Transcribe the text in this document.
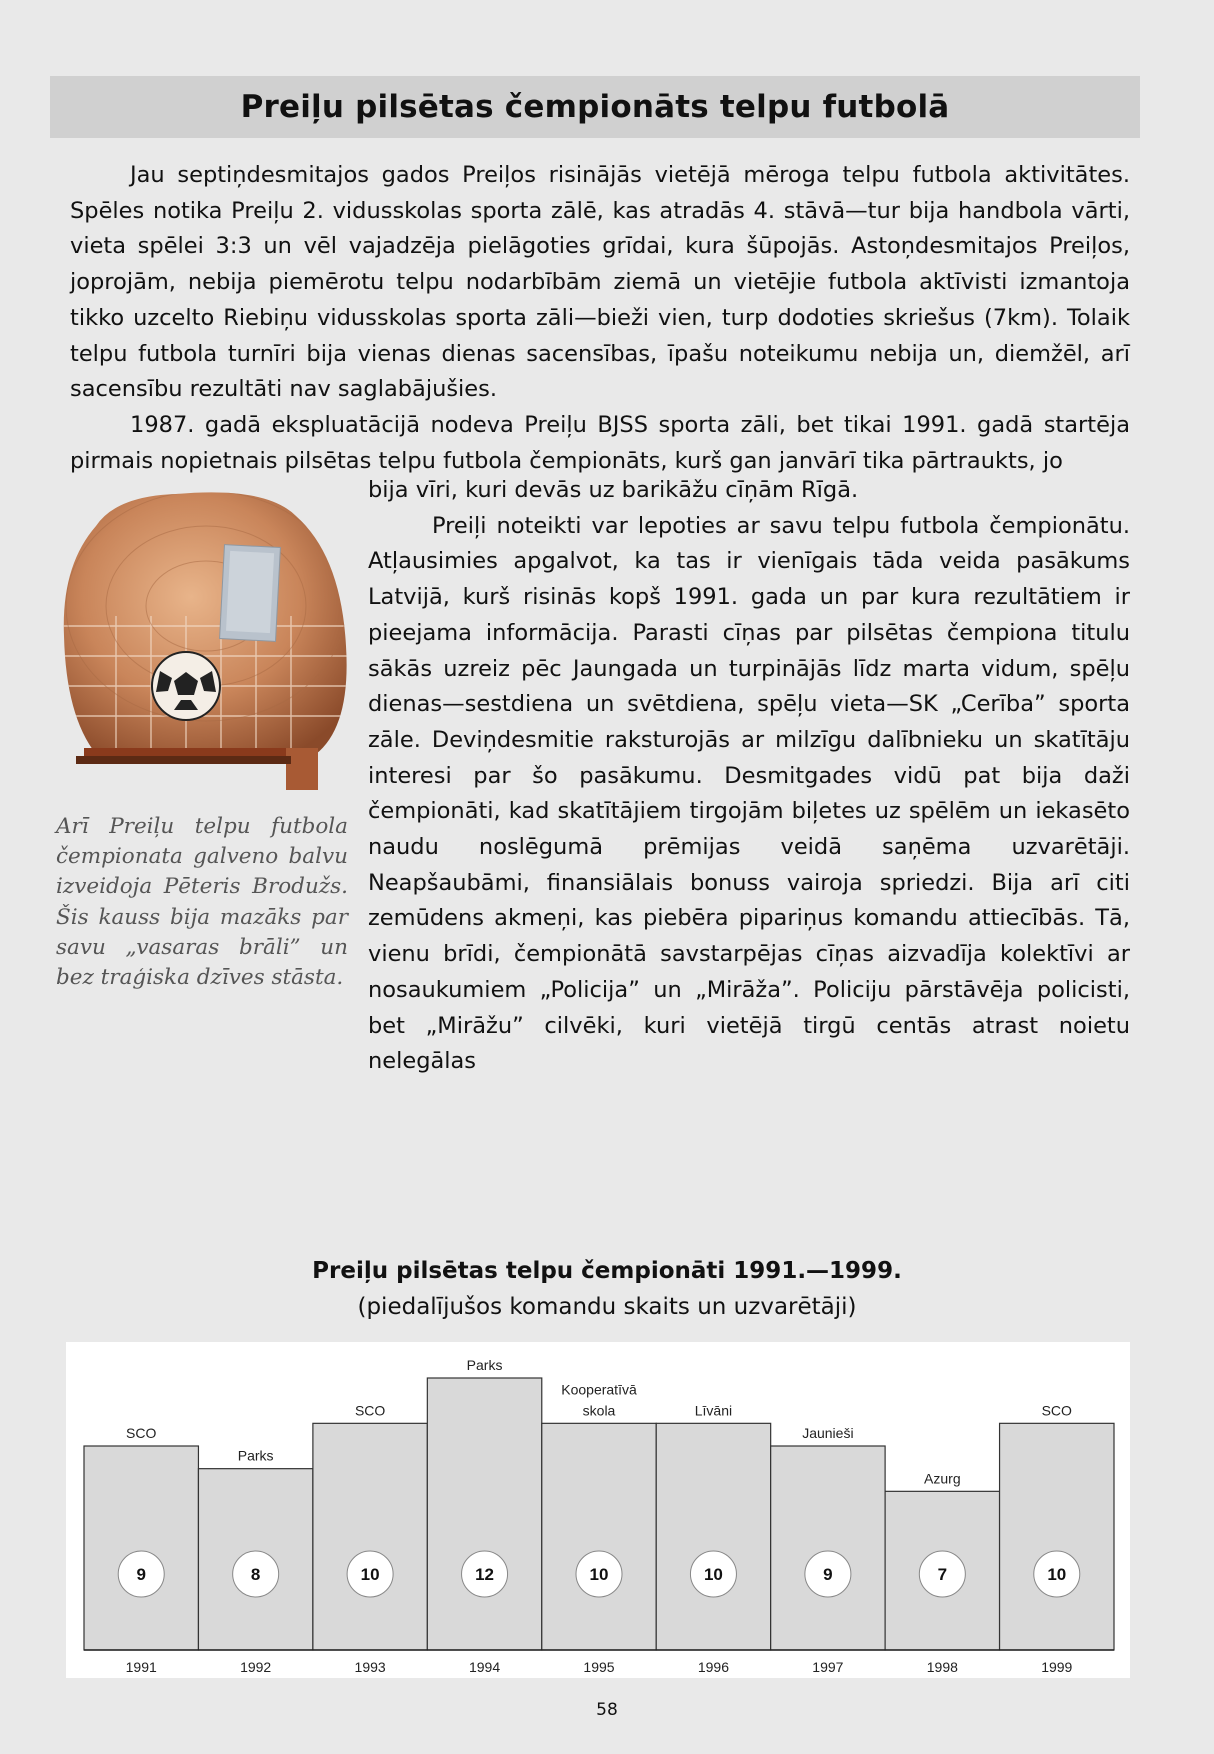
Preiļu pilsētas čempionāts telpu futbolā

Jau septiņdesmitajos gados Preiļos risinājās vietējā mēroga telpu futbola aktivitātes. Spēles notika Preiļu 2. vidusskolas sporta zālē, kas atradās 4. stāvā—tur bija handbola vārti, vieta spēlei 3:3 un vēl vajadzēja pielāgoties grīdai, kura šūpojās. Astoņdesmitajos Preiļos, joprojām, nebija piemērotu telpu nodarbībām ziemā un vietējie futbola aktīvisti izmantoja tikko uzcelto Riebiņu vidusskolas sporta zāli—bieži vien, turp dodoties skriešus (7km). Tolaik telpu futbola turnīri bija vienas dienas sacensības, īpašu noteikumu nebija un, diemžēl, arī sacensību rezultāti nav saglabājušies.

1987. gadā ekspluatācijā nodeva Preiļu BJSS sporta zāli, bet tikai 1991. gadā startēja pirmais nopietnais pilsētas telpu futbola čempionāts, kurš gan janvārī tika pārtraukts, jo

bija vīri, kuri devās uz barikāžu cīņām Rīgā.

Preiļi noteikti var lepoties ar savu telpu futbola čempionātu. Atļausimies apgalvot, ka tas ir vienīgais tāda veida pasākums Latvijā, kurš risinās kopš 1991. gada un par kura rezultātiem ir pieejama informācija. Parasti cīņas par pilsētas čempiona titulu sākās uzreiz pēc Jaungada un turpinājās līdz marta vidum, spēļu dienas—sestdiena un svētdiena, spēļu vieta—SK „Cerība” sporta zāle. Deviņdesmitie raksturojās ar milzīgu dalībnieku un skatītāju interesi par šo pasākumu. Desmitgades vidū pat bija daži čempionāti, kad skatītājiem tirgojām biļetes uz spēlēm un iekasēto naudu noslēgumā prēmijas veidā saņēma uzvarētāji. Neapšaubāmi, finansiālais bonuss vairoja spriedzi. Bija arī citi zemūdens akmeņi, kas piebēra pipariņus komandu attiecībās. Tā, vienu brīdi, čempionātā savstarpējas cīņas aizvadīja kolektīvi ar nosaukumiem „Policija” un „Mirāža”. Policiju pārstāvēja policisti, bet „Mirāžu” cilvēki, kuri vietējā tirgū centās atrast noietu nelegālas

Arī Preiļu telpu futbola čempionata galveno balvu izveidoja Pēteris Brodužs. Šis kauss bija mazāks par savu „vasaras brāli” un bez traģiska dzīves stāsta.
Preiļu pilsētas telpu čempionāti 1991.—1999.
(piedalījušos komandu skaits un uzvarētāji)
9
SCO
1991
8
Parks
1992
10
SCO
1993
12
Parks
1994
10
Kooperatīvā
skola
1995
10
Līvāni
1996
9
Jaunieši
1997
7
Azurg
1998
10
SCO
1999
58
